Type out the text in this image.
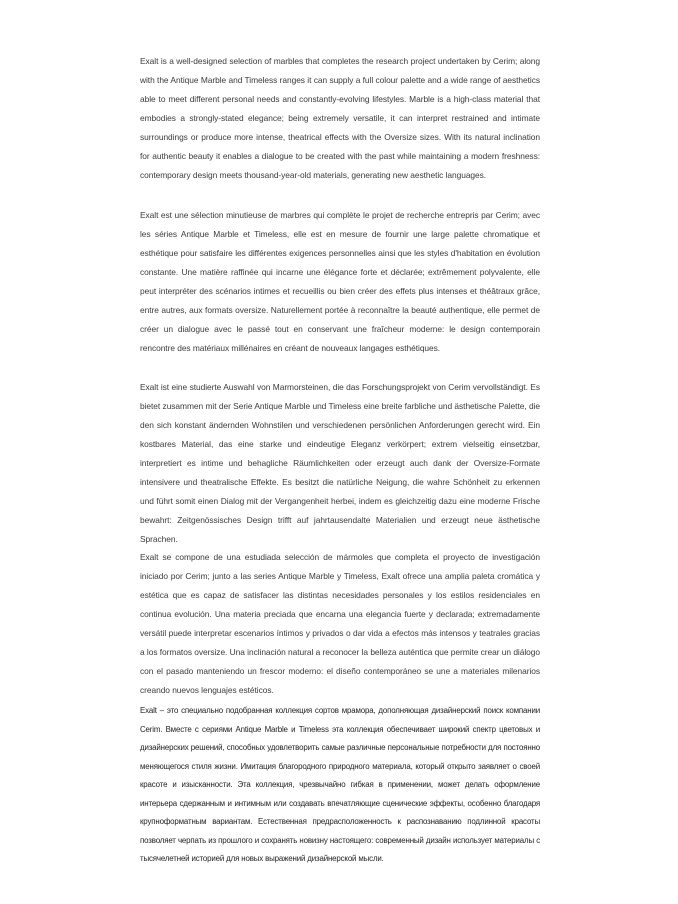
Exalt is a well-designed selection of marbles that completes the research project undertaken by Cerim; along with the Antique Marble and Timeless ranges it can supply a full colour palette and a wide range of aesthetics able to meet different personal needs and constantly-evolving lifestyles. Marble is a high-class material that embodies a strongly-stated elegance; being extremely versatile, it can interpret restrained and intimate surroundings or produce more intense, theatrical effects with the Oversize sizes. With its natural inclination for authentic beauty it enables a dialogue to be created with the past while maintaining a modern freshness: contemporary design meets thousand-year-old materials, generating new aesthetic languages.

Exalt est une sélection minutieuse de marbres qui complète le projet de recherche entrepris par Cerim; avec les séries Antique Marble et Timeless, elle est en mesure de fournir une large palette chromatique et esthétique pour satisfaire les différentes exigences personnelles ainsi que les styles d'habitation en évolution constante. Une matière raffinée qui incarne une élégance forte et déclarée; extrêmement polyvalente, elle peut interpréter des scénarios intimes et recueillis ou bien créer des effets plus intenses et théâtraux grâce, entre autres, aux formats oversize. Naturellement portée à reconnaître la beauté authentique, elle permet de créer un dialogue avec le passé tout en conservant une fraîcheur moderne: le design contemporain rencontre des matériaux millénaires en créant de nouveaux langages esthétiques.

Exalt ist eine studierte Auswahl von Marmorsteinen, die das Forschungsprojekt von Cerim vervollständigt. Es bietet zusammen mit der Serie Antique Marble und Timeless eine breite farbliche und ästhetische Palette, die den sich konstant ändernden Wohnstilen und verschiedenen persönlichen Anforderungen gerecht wird. Ein kostbares Material, das eine starke und eindeutige Eleganz verkörpert; extrem vielseitig einsetzbar, interpretiert es intime und behagliche Räumlichkeiten oder erzeugt auch dank der Oversize-Formate intensivere und theatralische Effekte. Es besitzt die natürliche Neigung, die wahre Schönheit zu erkennen und führt somit einen Dialog mit der Vergangenheit herbei, indem es gleichzeitig dazu eine moderne Frische bewahrt: Zeitgenössisches Design trifft auf jahrtausendalte Materialien und erzeugt neue ästhetische Sprachen.

Exalt se compone de una estudiada selección de mármoles que completa el proyecto de investigación iniciado por Cerim; junto a las series Antique Marble y Timeless, Exalt ofrece una amplia paleta cromática y estética que es capaz de satisfacer las distintas necesidades personales y los estilos residenciales en continua evolución. Una materia preciada que encarna una elegancia fuerte y declarada; extremadamente versátil puede interpretar escenarios íntimos y privados o dar vida a efectos más intensos y teatrales gracias a los formatos oversize. Una inclinación natural a reconocer la belleza auténtica que permite crear un diálogo con el pasado manteniendo un frescor moderno: el diseño contemporáneo se une a materiales milenarios creando nuevos lenguajes estéticos.

Exalt – это специально подобранная коллекция сортов мрамора, дополняющая дизайнерский поиск компании Cerim. Вместе с сериями Antique Marble и Timeless эта коллекция обеспечивает широкий спектр цветовых и дизайнерских решений, способных удовлетворить самые различные персональные потребности для постоянно меняющегося стиля жизни. Имитация благородного природного материала, который открыто заявляет о своей красоте и изысканности. Эта коллекция, чрезвычайно гибкая в применении, может делать оформление интерьера сдержанным и интимным или создавать впечатляющие сценические эффекты, особенно благодаря крупноформатным вариантам. Естественная предрасположенность к распознаванию подлинной красоты позволяет черпать из прошлого и сохранять новизну настоящего: современный дизайн использует материалы с тысячелетней историей для новых выражений дизайнерской мысли.
